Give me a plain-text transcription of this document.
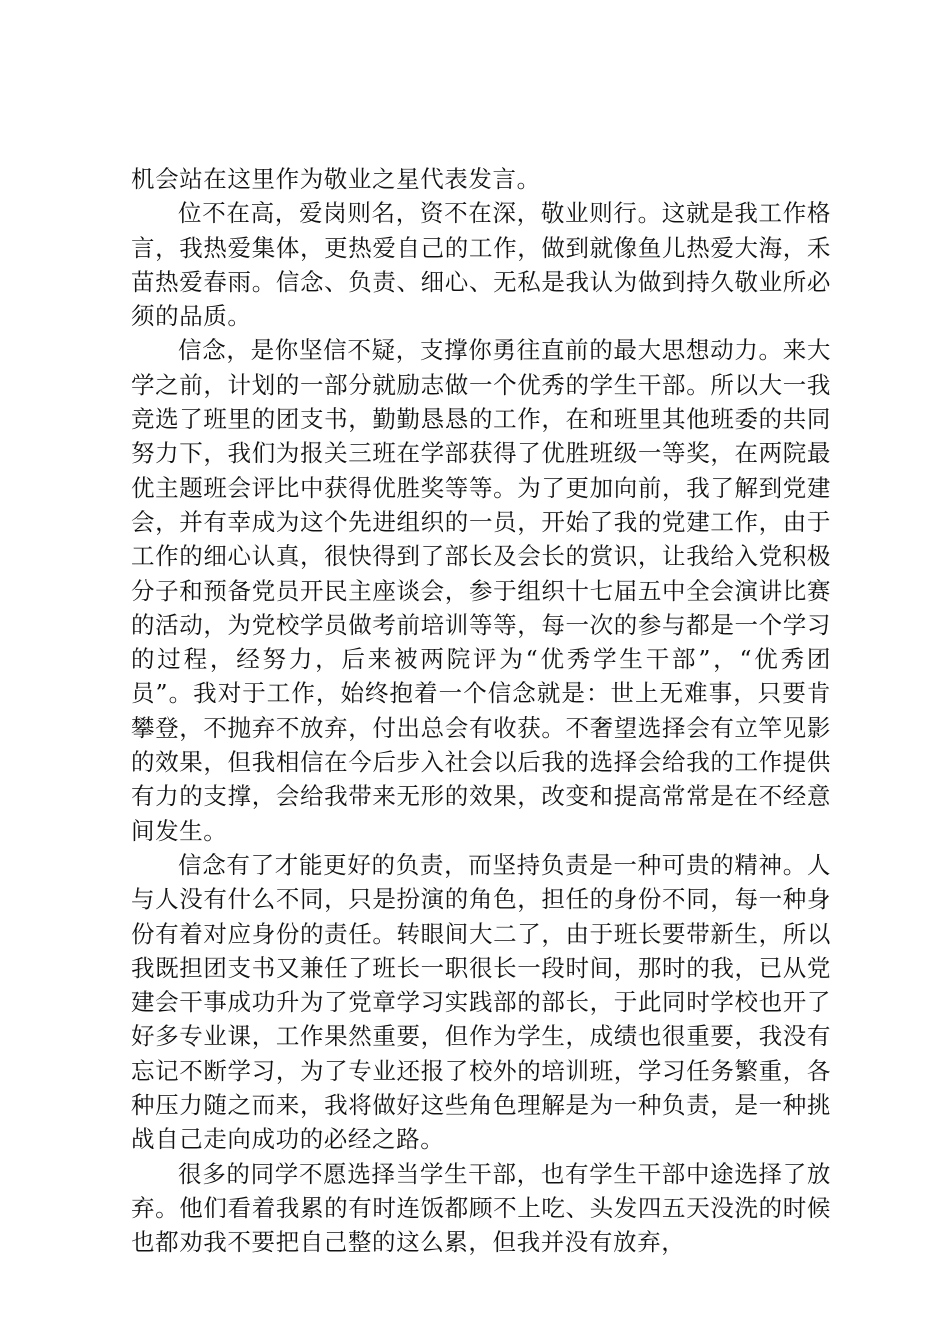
机会站在这里作为敬业之星代表发言。

位不在高，爱岗则名，资不在深，敬业则行。这就是我工作格言，我热爱集体，更热爱自己的工作，做到就像鱼儿热爱大海，禾苗热爱春雨。信念、负责、细心、无私是我认为做到持久敬业所必须的品质。

信念，是你坚信不疑，支撑你勇往直前的最大思想动力。来大学之前，计划的一部分就励志做一个优秀的学生干部。所以大一我竞选了班里的团支书，勤勤恳恳的工作，在和班里其他班委的共同努力下，我们为报关三班在学部获得了优胜班级一等奖，在两院最优主题班会评比中获得优胜奖等等。为了更加向前，我了解到党建会，并有幸成为这个先进组织的一员，开始了我的党建工作，由于工作的细心认真，很快得到了部长及会长的赏识，让我给入党积极分子和预备党员开民主座谈会，参于组织十七届五中全会演讲比赛的活动，为党校学员做考前培训等等，每一次的参与都是一个学习的过程，经努力，后来被两院评为“优秀学生干部”，“优秀团员”。我对于工作，始终抱着一个信念就是：世上无难事，只要肯攀登，不抛弃不放弃，付出总会有收获。不奢望选择会有立竿见影的效果，但我相信在今后步入社会以后我的选择会给我的工作提供有力的支撑，会给我带来无形的效果，改变和提高常常是在不经意间发生。

信念有了才能更好的负责，而坚持负责是一种可贵的精神。人与人没有什么不同，只是扮演的角色，担任的身份不同，每一种身份有着对应身份的责任。转眼间大二了，由于班长要带新生，所以我既担团支书又兼任了班长一职很长一段时间，那时的我，已从党建会干事成功升为了党章学习实践部的部长，于此同时学校也开了好多专业课，工作果然重要，但作为学生，成绩也很重要，我没有忘记不断学习，为了专业还报了校外的培训班，学习任务繁重，各种压力随之而来，我将做好这些角色理解是为一种负责，是一种挑战自己走向成功的必经之路。

很多的同学不愿选择当学生干部，也有学生干部中途选择了放弃。他们看着我累的有时连饭都顾不上吃、头发四五天没洗的时候也都劝我不要把自己整的这么累，但我并没有放弃，
